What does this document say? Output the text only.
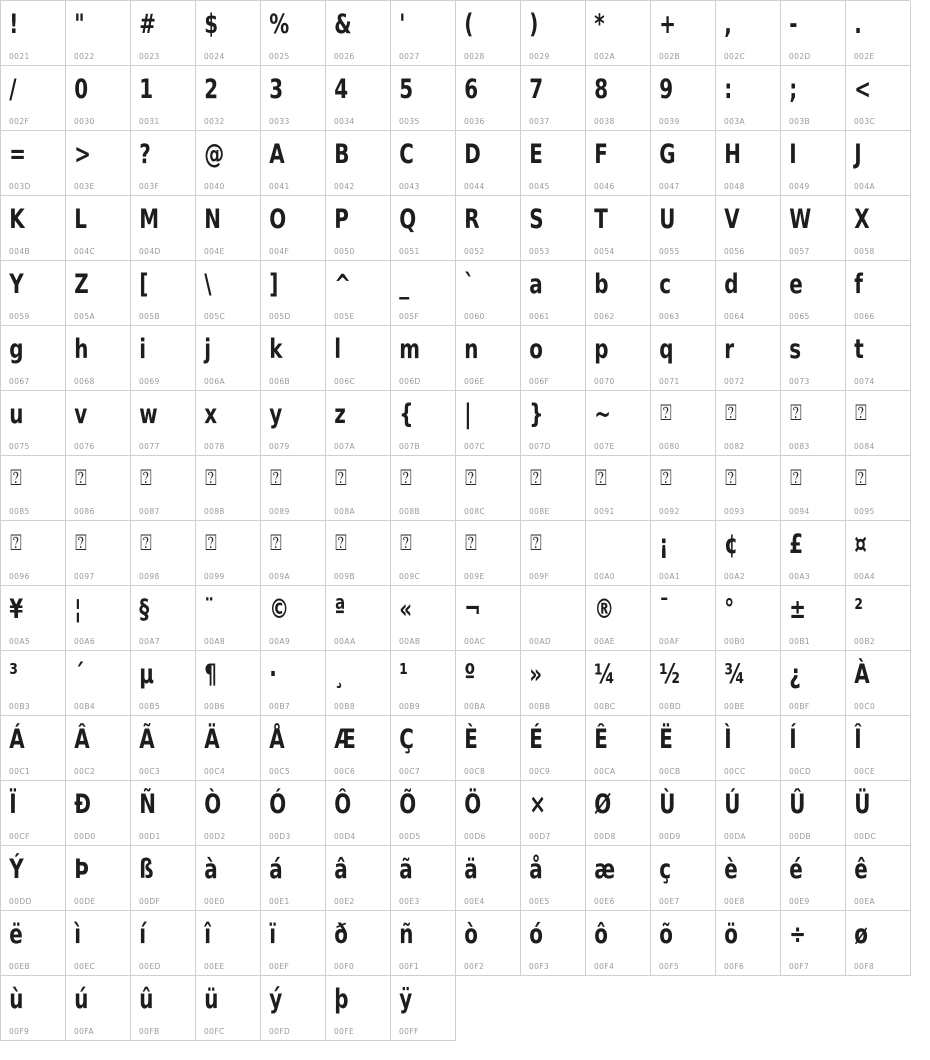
!
0021
"
0022
#
0023
$
0024
%
0025
&
0026
'
0027
(
0028
)
0029
*
002A
+
002B
,
002C
-
002D
.
002E
/
002F
0
0030
1
0031
2
0032
3
0033
4
0034
5
0035
6
0036
7
0037
8
0038
9
0039
:
003A
;
003B
<
003C
=
003D
>
003E
?
003F
@
0040
A
0041
B
0042
C
0043
D
0044
E
0045
F
0046
G
0047
H
0048
I
0049
J
004A
K
004B
L
004C
M
004D
N
004E
O
004F
P
0050
Q
0051
R
0052
S
0053
T
0054
U
0055
V
0056
W
0057
X
0058
Y
0059
Z
005A
[
005B
\
005C
]
005D
^
005E
_
005F
`
0060
a
0061
b
0062
c
0063
d
0064
e
0065
f
0066
g
0067
h
0068
i
0069
j
006A
k
006B
l
006C
m
006D
n
006E
o
006F
p
0070
q
0071
r
0072
s
0073
t
0074
u
0075
v
0076
w
0077
x
0078
y
0079
z
007A
{
007B
|
007C
}
007D
~
007E
⍰
0080
⍰
0082
⍰
0083
⍰
0084
⍰
0085
⍰
0086
⍰
0087
⍰
0088
⍰
0089
⍰
008A
⍰
008B
⍰
008C
⍰
008E
⍰
0091
⍰
0092
⍰
0093
⍰
0094
⍰
0095
⍰
0096
⍰
0097
⍰
0098
⍰
0099
⍰
009A
⍰
009B
⍰
009C
⍰
009E
⍰
009F	00A0
¡
00A1
¢
00A2
£
00A3
¤
00A4
¥
00A5
¦
00A6
§
00A7
¨
00A8
©
00A9
ª
00AA
«
00AB
¬
00AC	00AD
®
00AE
¯
00AF
°
00B0
±
00B1
²
00B2
³
00B3
´
00B4
µ
00B5
¶
00B6
·
00B7
¸
00B8
¹
00B9
º
00BA
»
00BB
¼
00BC
½
00BD
¾
00BE
¿
00BF
À
00C0
Á
00C1
Â
00C2
Ã
00C3
Ä
00C4
Å
00C5
Æ
00C6
Ç
00C7
È
00C8
É
00C9
Ê
00CA
Ë
00CB
Ì
00CC
Í
00CD
Î
00CE
Ï
00CF
Ð
00D0
Ñ
00D1
Ò
00D2
Ó
00D3
Ô
00D4
Õ
00D5
Ö
00D6
×
00D7
Ø
00D8
Ù
00D9
Ú
00DA
Û
00DB
Ü
00DC
Ý
00DD
Þ
00DE
ß
00DF
à
00E0
á
00E1
â
00E2
ã
00E3
ä
00E4
å
00E5
æ
00E6
ç
00E7
è
00E8
é
00E9
ê
00EA
ë
00EB
ì
00EC
í
00ED
î
00EE
ï
00EF
ð
00F0
ñ
00F1
ò
00F2
ó
00F3
ô
00F4
õ
00F5
ö
00F6
÷
00F7
ø
00F8
ù
00F9
ú
00FA
û
00FB
ü
00FC
ý
00FD
þ
00FE
ÿ
00FF
